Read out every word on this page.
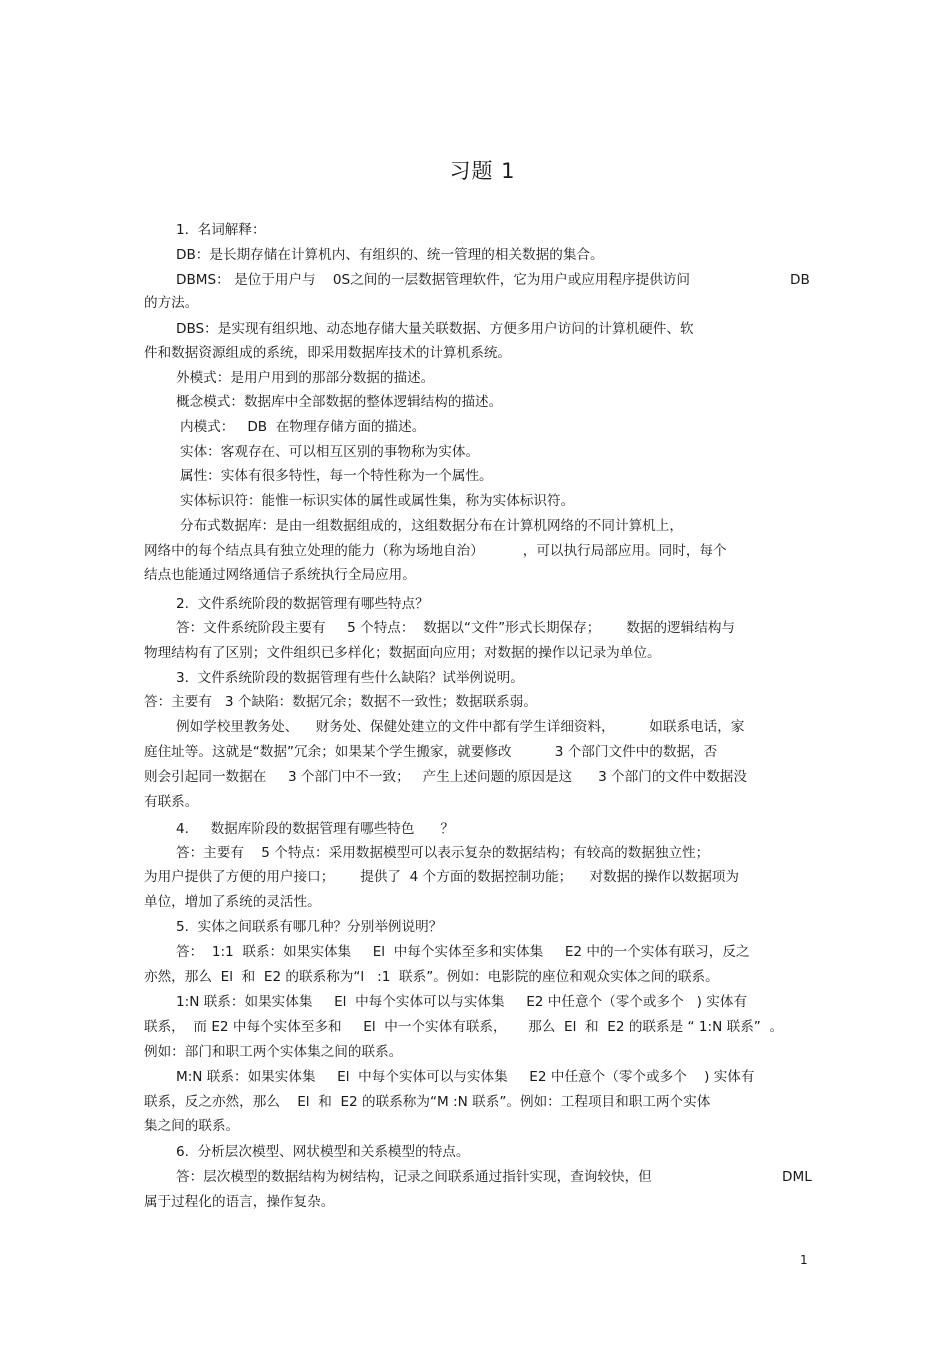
习题 1
1.  名词解释：
DB：是长期存储在计算机内、有组织的、统一管理的相关数据的集合。
DBMS： 是位于用户与    0S之间的一层数据管理软件，它为用户或应用程序提供访问	DB
的方法。
DBS：是实现有组织地、动态地存储大量关联数据、方便多用户访问的计算机硬件、软
件和数据资源组成的系统，即采用数据库技术的计算机系统。
外模式：是用户用到的那部分数据的描述。
概念模式：数据库中全部数据的整体逻辑结构的描述。
内模式：   DB  在物理存储方面的描述。
实体：客观存在、可以相互区别的事物称为实体。
属性：实体有很多特性，每一个特性称为一个属性。
实体标识符：能惟一标识实体的属性或属性集，称为实体标识符。
分布式数据库：是由一组数据组成的，这组数据分布在计算机网络的不同计算机上，
网络中的每个结点具有独立处理的能力（称为场地自治）         ，可以执行局部应用。同时，每个
结点也能通过网络通信子系统执行全局应用。
2.  文件系统阶段的数据管理有哪些特点？
答：文件系统阶段主要有     5 个特点：  数据以“文件”形式长期保存；      数据的逻辑结构与
物理结构有了区别；文件组织已多样化；数据面向应用；对数据的操作以记录为单位。
3.  文件系统阶段的数据管理有些什么缺陷？试举例说明。
答：主要有   3 个缺陷：数据冗余；数据不一致性；数据联系弱。
例如学校里教务处、    财务处、保健处建立的文件中都有学生详细资料，        如联系电话，家
庭住址等。这就是“数据”冗余；如果某个学生搬家，就要修改          3 个部门文件中的数据，否
则会引起同一数据在     3 个部门中不一致；   产生上述问题的原因是这      3 个部门的文件中数据没
有联系。
4.     数据库阶段的数据管理有哪些特色      ？
答：主要有    5 个特点：采用数据模型可以表示复杂的数据结构；有较高的数据独立性；
为用户提供了方便的用户接口；      提供了  4 个方面的数据控制功能；    对数据的操作以数据项为
单位，增加了系统的灵活性。
5.  实体之间联系有哪几种？分别举例说明？
答：  1:1  联系：如果实体集     El  中每个实体至多和实体集     E2 中的一个实体有联习，反之
亦然，那么  El  和  E2 的联系称为“l   :1  联系”。例如：电影院的座位和观众实体之间的联系。
1:N 联系：如果实体集     El  中每个实体可以与实体集     E2 中任意个（零个或多个   ) 实体有
联系，  而 E2 中每个实体至多和     El  中一个实体有联系，     那么  El  和  E2 的联系是 “ 1:N 联系”  。
例如：部门和职工两个实体集之间的联系。
M:N 联系：如果实体集     El  中每个实体可以与实体集     E2 中任意个（零个或多个    ) 实体有
联系，反之亦然，那么    El  和  E2 的联系称为“M :N 联系”。例如：工程项目和职工两个实体
集之间的联系。
6.  分析层次模型、网状模型和关系模型的特点。
答：层次模型的数据结构为树结构，记录之间联系通过指针实现，查询较快，但	DML
属于过程化的语言，操作复杂。
1
